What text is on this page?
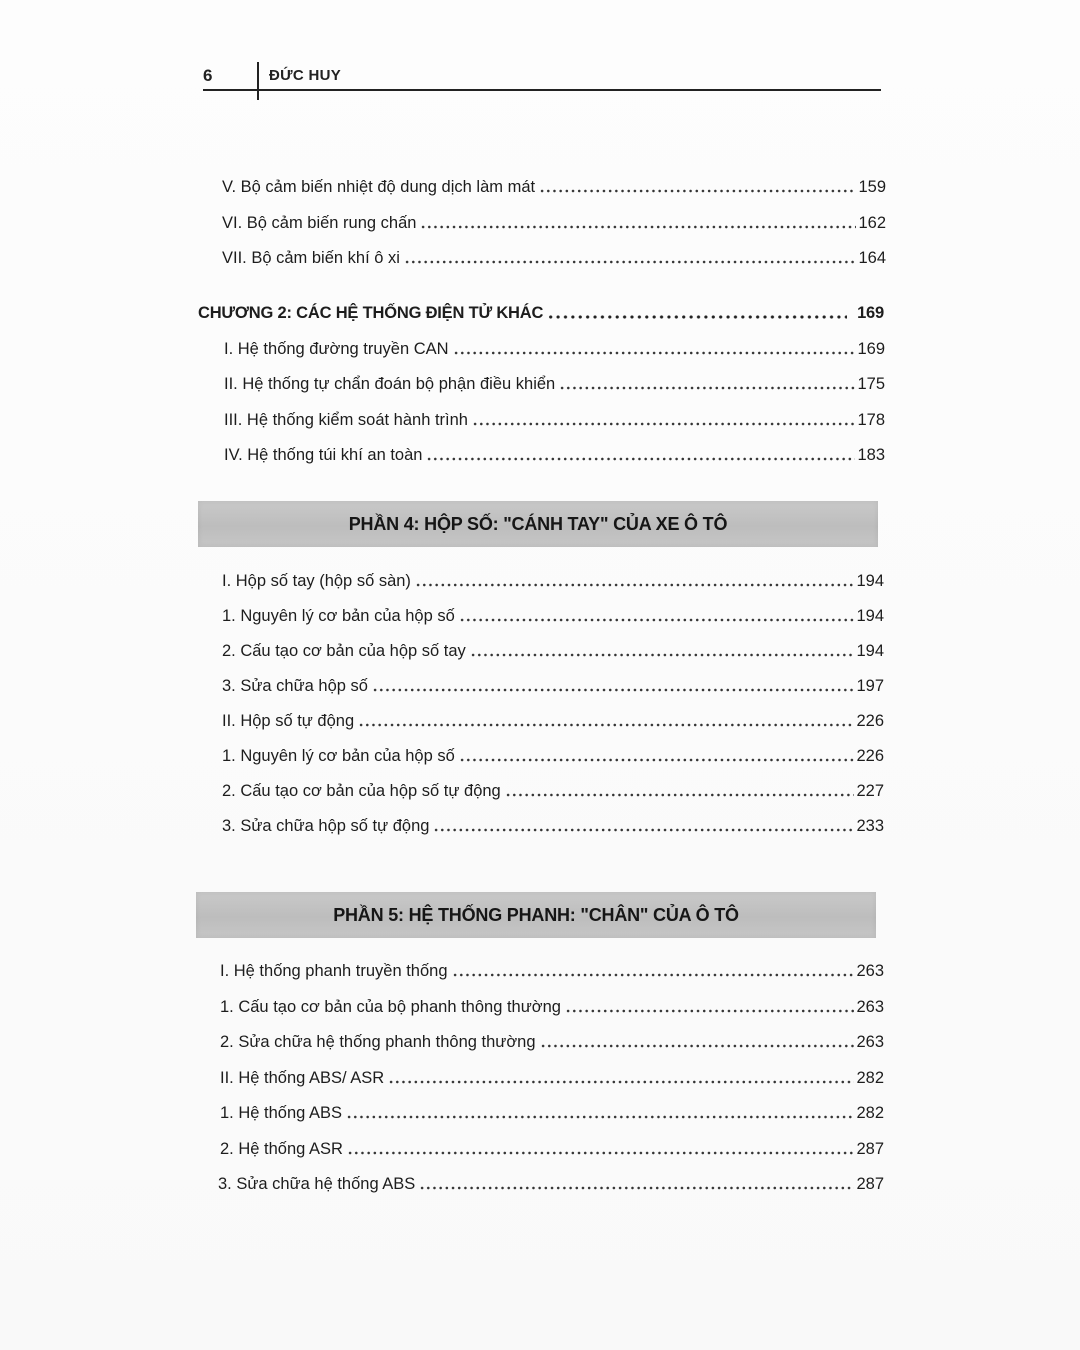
6	ĐỨC HUY
V. Bộ cảm biến nhiệt độ dung dịch làm mát	159
VI. Bộ cảm biến rung chấn	162
VII. Bộ cảm biến khí ô xi	164
CHƯƠNG 2: CÁC HỆ THỐNG ĐIỆN TỬ KHÁC	169
I. Hệ thống đường truyền CAN	169
II. Hệ thống tự chẩn đoán bộ phận điều khiển	175
III. Hệ thống kiểm soát hành trình	178
IV. Hệ thống túi khí an toàn	183
PHẦN 4: HỘP SỐ: "CÁNH TAY" CỦA XE Ô TÔ
I. Hộp số tay (hộp số sàn)	194
1. Nguyên lý cơ bản của hộp số	194
2. Cấu tạo cơ bản của hộp số tay	194
3. Sửa chữa hộp số	197
II. Hộp số tự động	226
1. Nguyên lý cơ bản của hộp số	226
2. Cấu tạo cơ bản của hộp số tự động	227
3. Sửa chữa hộp số tự động	233
PHẦN 5: HỆ THỐNG PHANH: "CHÂN" CỦA Ô TÔ
I. Hệ thống phanh truyền thống	263
1. Cấu tạo cơ bản của bộ phanh thông thường	263
2. Sửa chữa hệ thống phanh thông thường	263
II. Hệ thống ABS/ ASR	282
1. Hệ thống ABS	282
2. Hệ thống ASR	287
3. Sửa chữa hệ thống ABS	287
